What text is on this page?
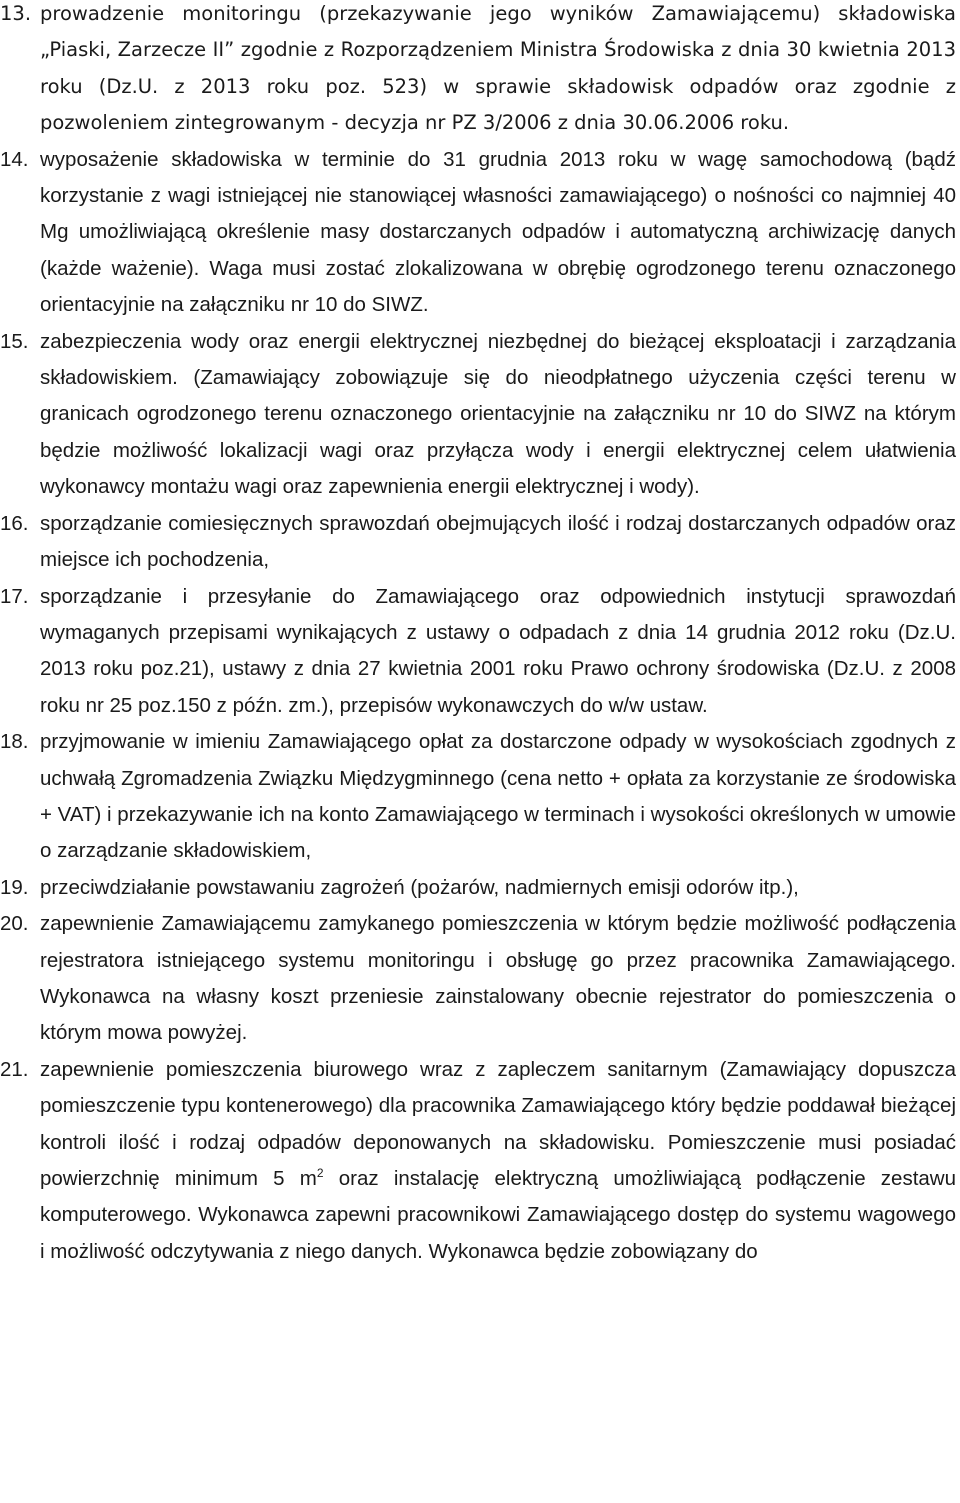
13. prowadzenie monitoringu (przekazywanie jego wyników Zamawiającemu) składowiska „Piaski, Zarzecze II” zgodnie z Rozporządzeniem Ministra Środowiska z dnia 30 kwietnia 2013 roku (Dz.U. z 2013 roku poz. 523) w sprawie składowisk odpadów oraz zgodnie z pozwoleniem zintegrowanym - decyzja nr PZ 3/2006 z dnia 30.06.2006 roku.
14. wyposażenie składowiska w terminie do 31 grudnia 2013 roku w wagę samochodową (bądź korzystanie z wagi istniejącej nie stanowiącej własności zamawiającego) o nośności co najmniej 40 Mg umożliwiającą określenie masy dostarczanych odpadów i automatyczną archiwizację danych (każde ważenie). Waga musi zostać zlokalizowana w obrębię ogrodzonego terenu oznaczonego orientacyjnie na załączniku nr 10 do SIWZ.
15. zabezpieczenia wody oraz energii elektrycznej niezbędnej do bieżącej eksploatacji i zarządzania składowiskiem. (Zamawiający zobowiązuje się do nieodpłatnego użyczenia części terenu w granicach ogrodzonego terenu oznaczonego orientacyjnie na załączniku nr 10 do SIWZ na którym będzie możliwość lokalizacji wagi oraz przyłącza wody i energii elektrycznej celem ułatwienia wykonawcy montażu wagi oraz zapewnienia energii elektrycznej i wody).
16. sporządzanie comiesięcznych sprawozdań obejmujących ilość i rodzaj dostarczanych odpadów oraz miejsce ich pochodzenia,
17. sporządzanie i przesyłanie do Zamawiającego oraz odpowiednich instytucji sprawozdań wymaganych przepisami wynikających z ustawy o odpadach z dnia 14 grudnia 2012 roku (Dz.U. 2013 roku poz.21), ustawy z dnia 27 kwietnia 2001 roku Prawo ochrony środowiska (Dz.U. z 2008 roku nr 25 poz.150 z późn. zm.), przepisów wykonawczych do w/w ustaw.
18. przyjmowanie w imieniu Zamawiającego opłat za dostarczone odpady w wysokościach zgodnych z uchwałą Zgromadzenia Związku Międzygminnego (cena netto + opłata za korzystanie ze środowiska + VAT) i przekazywanie ich na konto Zamawiającego w terminach i wysokości określonych w umowie o zarządzanie składowiskiem,
19. przeciwdziałanie powstawaniu zagrożeń (pożarów, nadmiernych emisji odorów itp.),
20. zapewnienie Zamawiającemu zamykanego pomieszczenia w którym będzie możliwość podłączenia rejestratora istniejącego systemu monitoringu i obsługę go przez pracownika Zamawiającego. Wykonawca na własny koszt przeniesie zainstalowany obecnie rejestrator do pomieszczenia o którym mowa powyżej.
21. zapewnienie pomieszczenia biurowego wraz z zapleczem sanitarnym (Zamawiający dopuszcza pomieszczenie typu kontenerowego) dla pracownika Zamawiającego który będzie poddawał bieżącej kontroli ilość i rodzaj odpadów deponowanych na składowisku. Pomieszczenie musi posiadać powierzchnię minimum 5 $m^2$ oraz instalację elektryczną umożliwiającą podłączenie zestawu komputerowego. Wykonawca zapewni pracownikowi Zamawiającego dostęp do systemu wagowego i możliwość odczytywania z niego danych. Wykonawca będzie zobowiązany do
